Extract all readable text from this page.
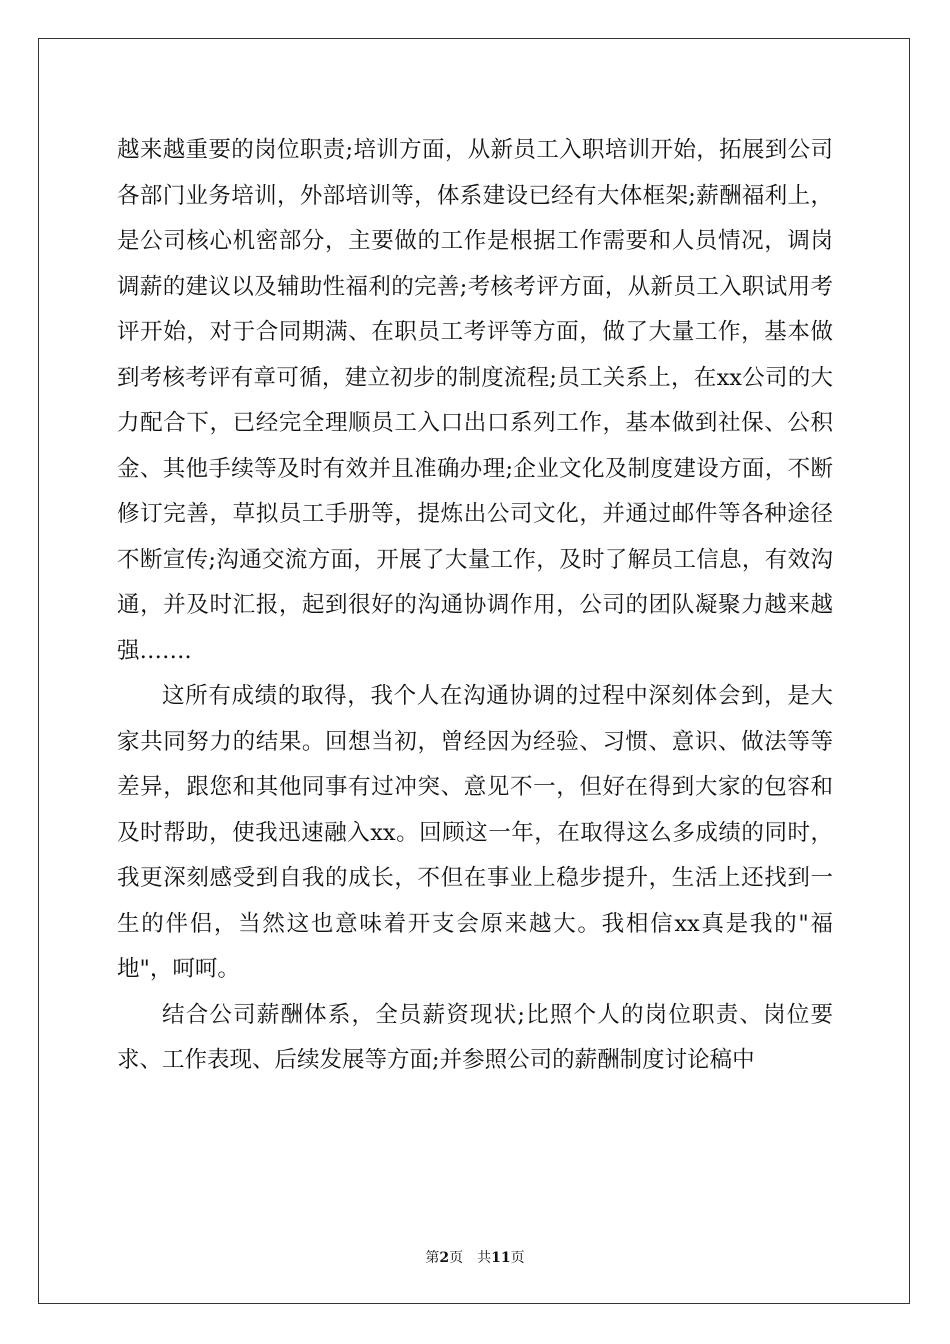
越来越重要的岗位职责;培训方面，从新员工入职培训开始，拓展到公司各部门业务培训，外部培训等，体系建设已经有大体框架;薪酬福利上，是公司核心机密部分，主要做的工作是根据工作需要和人员情况，调岗调薪的建议以及辅助性福利的完善;考核考评方面，从新员工入职试用考评开始，对于合同期满、在职员工考评等方面，做了大量工作，基本做到考核考评有章可循，建立初步的制度流程;员工关系上，在xx公司的大力配合下，已经完全理顺员工入口出口系列工作，基本做到社保、公积金、其他手续等及时有效并且准确办理;企业文化及制度建设方面，不断修订完善，草拟员工手册等，提炼出公司文化，并通过邮件等各种途径不断宣传;沟通交流方面，开展了大量工作，及时了解员工信息，有效沟通，并及时汇报，起到很好的沟通协调作用，公司的团队凝聚力越来越强…….

这所有成绩的取得，我个人在沟通协调的过程中深刻体会到，是大家共同努力的结果。回想当初，曾经因为经验、习惯、意识、做法等等差异，跟您和其他同事有过冲突、意见不一，但好在得到大家的包容和及时帮助，使我迅速融入xx。回顾这一年，在取得这么多成绩的同时，我更深刻感受到自我的成长，不但在事业上稳步提升，生活上还找到一生的伴侣，当然这也意味着开支会原来越大。我相信xx真是我的"福地"，呵呵。

结合公司薪酬体系，全员薪资现状;比照个人的岗位职责、岗位要求、工作表现、后续发展等方面;并参照公司的薪酬制度讨论稿中

第2页 共11页
